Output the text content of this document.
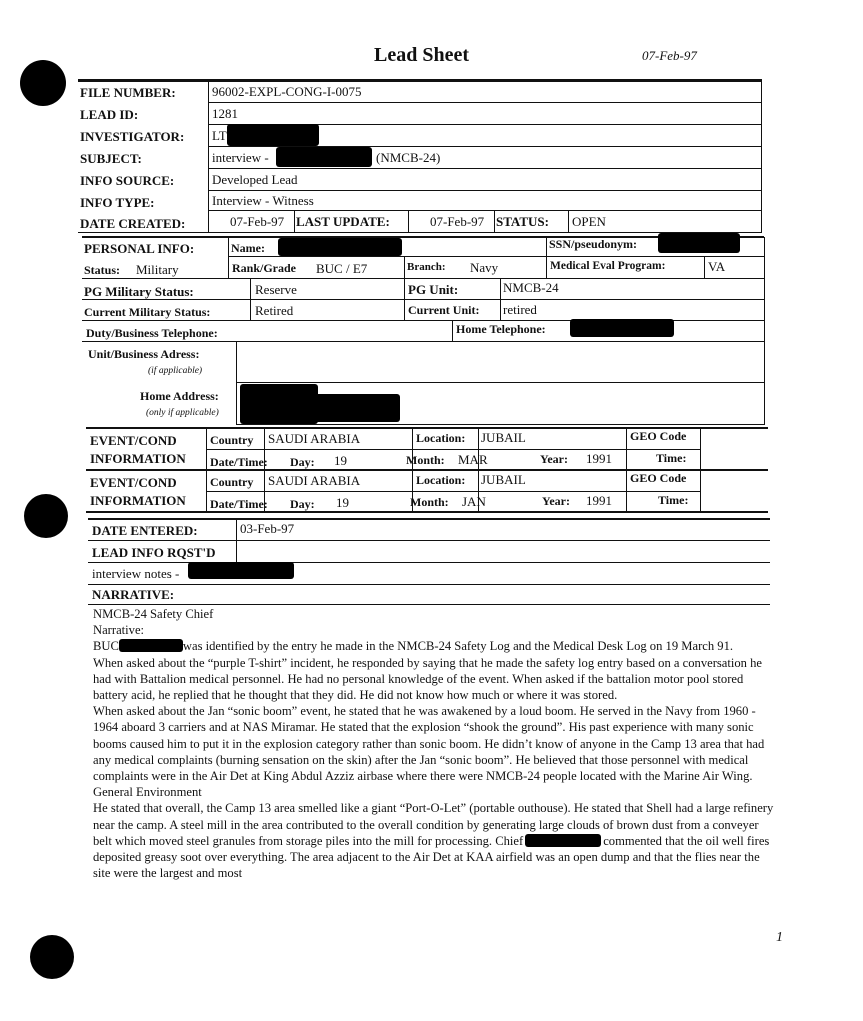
Lead Sheet	07-Feb-97
FILE NUMBER:	96002-EXPL-CONG-I-0075
LEAD ID:	1281
INVESTIGATOR: LT
SUBJECT:	interview -	(NMCB-24)
INFO SOURCE:	Developed Lead
INFO TYPE:	Interview - Witness
DATE CREATED:	07-Feb-97 LAST UPDATE:	07-Feb-97 STATUS: OPEN
PERSONAL INFO:	Name:	SSN/pseudonym:
Status: Military	Rank/Grade BUC / E7	Branch: Navy	Medical Eval Program:	VA
PG Military Status:	Reserve	PG Unit:	NMCB-24
Current Military Status:	Retired	Current Unit: retired
Duty/Business Telephone:	Home Telephone:
Unit/Business Adress:
(if applicable)
Home Address:
(only if applicable)
EVENT/COND
INFORMATION
Country SAUDI ARABIA	Location: JUBAIL	GEO Code
Date/Time: Day: 19	Month: MAR	Year: 1991	Time:
EVENT/COND
INFORMATION
Country SAUDI ARABIA	Location: JUBAIL	GEO Code
Date/Time: Day: 19	Month: JAN	Year: 1991	Time:
DATE ENTERED:	03-Feb-97
LEAD INFO RQST'D
interview notes -
NARRATIVE:

NMCB-24 Safety Chief

Narrative:

BUC	was identified by the entry he made in the NMCB-24 Safety Log and the Medical Desk Log on 19 March 91.

When asked about the “purple T-shirt” incident, he responded by saying that he made the safety log entry based on a conversation he had with Battalion medical personnel. He had no personal knowledge of the event. When asked if the battalion motor pool stored battery acid, he replied that he thought that they did. He did not know how much or where it was stored.

When asked about the Jan “sonic boom” event, he stated that he was awakened by a loud boom. He served in the Navy from 1960 - 1964 aboard 3 carriers and at NAS Miramar. He stated that the explosion “shook the ground”. His past experience with many sonic booms caused him to put it in the explosion category rather than sonic boom. He didn’t know of anyone in the Camp 13 area that had any medical complaints (burning sensation on the skin) after the Jan “sonic boom”. He believed that those personnel with medical complaints were in the Air Det at King Abdul Azziz airbase where there were NMCB-24 people located with the Marine Air Wing.

General Environment

He stated that overall, the Camp 13 area smelled like a giant “Port-O-Let” (portable outhouse). He stated that Shell had a large refinery near the camp. A steel mill in the area contributed to the overall condition by generating large clouds of brown dust from a conveyer belt which moved steel granules from storage piles into the mill for processing. Chief	commented that the oil well fires deposited greasy soot over everything. The area adjacent to the Air Det at KAA airfield was an open dump and that the flies near the site were the largest and most

1
